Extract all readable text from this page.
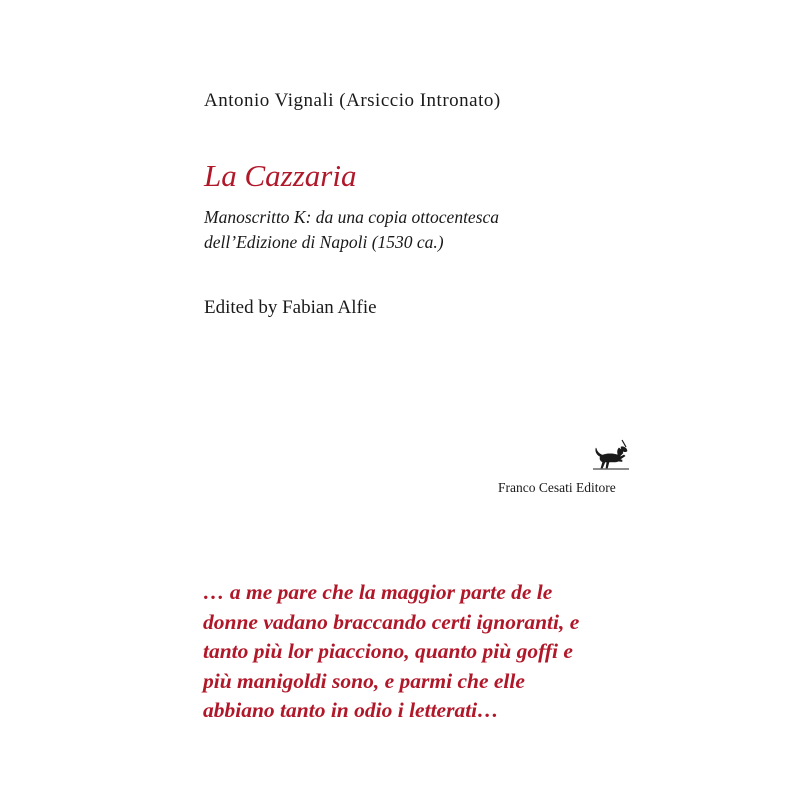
Antonio Vignali (Arsiccio Intronato)
La Cazzaria
Manoscritto K: da una copia ottocentesca
dell’Edizione di Napoli (1530 ca.)
Edited by Fabian Alfie
Franco Cesati Editore
… a me pare che la maggior parte de le
donne vadano braccando certi ignoranti, e
tanto più lor piacciono, quanto più goffi e
più manigoldi sono, e parmi che elle
abbiano tanto in odio i letterati…
